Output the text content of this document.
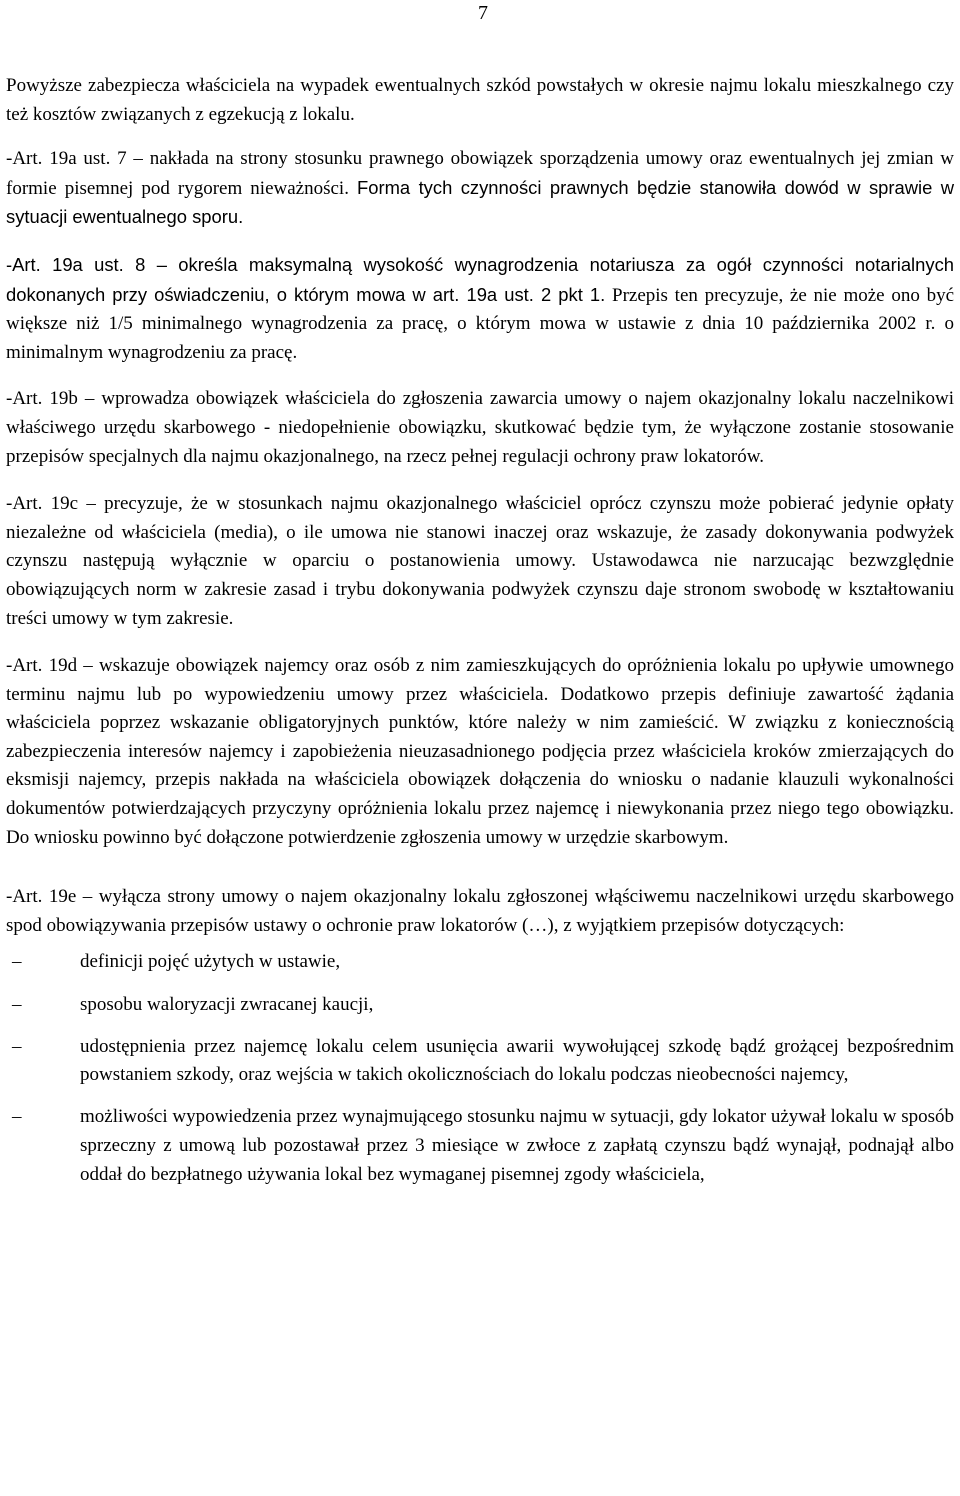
7

Powyższe zabezpiecza właściciela na wypadek ewentualnych szkód powstałych w okresie najmu lokalu mieszkalnego czy też kosztów związanych z egzekucją z lokalu.

-Art. 19a ust. 7 – nakłada na strony stosunku prawnego obowiązek sporządzenia umowy oraz ewentualnych jej zmian w formie pisemnej pod rygorem nieważności. Forma tych czynności prawnych będzie stanowiła dowód w sprawie w sytuacji ewentualnego sporu.

-Art. 19a ust. 8 – określa maksymalną wysokość wynagrodzenia notariusza za ogół czynności notarialnych dokonanych przy oświadczeniu, o którym mowa w art. 19a ust. 2 pkt 1. Przepis ten precyzuje, że nie może ono być większe niż 1/5 minimalnego wynagrodzenia za pracę, o którym mowa w ustawie z dnia 10 października 2002 r. o minimalnym wynagrodzeniu za pracę.

-Art. 19b – wprowadza obowiązek właściciela do zgłoszenia zawarcia umowy o najem okazjonalny lokalu naczelnikowi właściwego urzędu skarbowego - niedopełnienie obowiązku, skutkować będzie tym, że wyłączone zostanie stosowanie przepisów specjalnych dla najmu okazjonalnego, na rzecz pełnej regulacji ochrony praw lokatorów.

-Art. 19c – precyzuje, że w stosunkach najmu okazjonalnego właściciel oprócz czynszu może pobierać jedynie opłaty niezależne od właściciela (media), o ile umowa nie stanowi inaczej oraz wskazuje, że zasady dokonywania podwyżek czynszu następują wyłącznie w oparciu o postanowienia umowy. Ustawodawca nie narzucając bezwzględnie obowiązujących norm w zakresie zasad i trybu dokonywania podwyżek czynszu daje stronom swobodę w kształtowaniu treści umowy w tym zakresie.

-Art. 19d – wskazuje obowiązek najemcy oraz osób z nim zamieszkujących do opróżnienia lokalu po upływie umownego terminu najmu lub po wypowiedzeniu umowy przez właściciela. Dodatkowo przepis definiuje zawartość żądania właściciela poprzez wskazanie obligatoryjnych punktów, które należy w nim zamieścić. W związku z koniecznością zabezpieczenia interesów najemcy i zapobieżenia nieuzasadnionego podjęcia przez właściciela kroków zmierzających do eksmisji najemcy, przepis nakłada na właściciela obowiązek dołączenia do wniosku o nadanie klauzuli wykonalności dokumentów potwierdzających przyczyny opróżnienia lokalu przez najemcę i niewykonania przez niego tego obowiązku. Do wniosku powinno być dołączone potwierdzenie zgłoszenia umowy w urzędzie skarbowym.

-Art. 19e – wyłącza strony umowy o najem okazjonalny lokalu zgłoszonej włąściwemu naczelnikowi urzędu skarbowego spod obowiązywania przepisów ustawy o ochronie praw lokatorów (…), z wyjątkiem przepisów dotyczących:

–	definicji pojęć użytych w ustawie,
–	sposobu waloryzacji zwracanej kaucji,
–	udostępnienia przez najemcę lokalu celem usunięcia awarii wywołującej szkodę bądź grożącej bezpośrednim powstaniem szkody, oraz wejścia w takich okolicznościach do lokalu podczas nieobecności najemcy,
–	możliwości wypowiedzenia przez wynajmującego stosunku najmu w sytuacji, gdy lokator używał lokalu w sposób sprzeczny z umową lub pozostawał przez 3 miesiące w zwłoce z zapłatą czynszu bądź wynajął, podnajął albo oddał do bezpłatnego używania lokal bez wymaganej pisemnej zgody właściciela,
